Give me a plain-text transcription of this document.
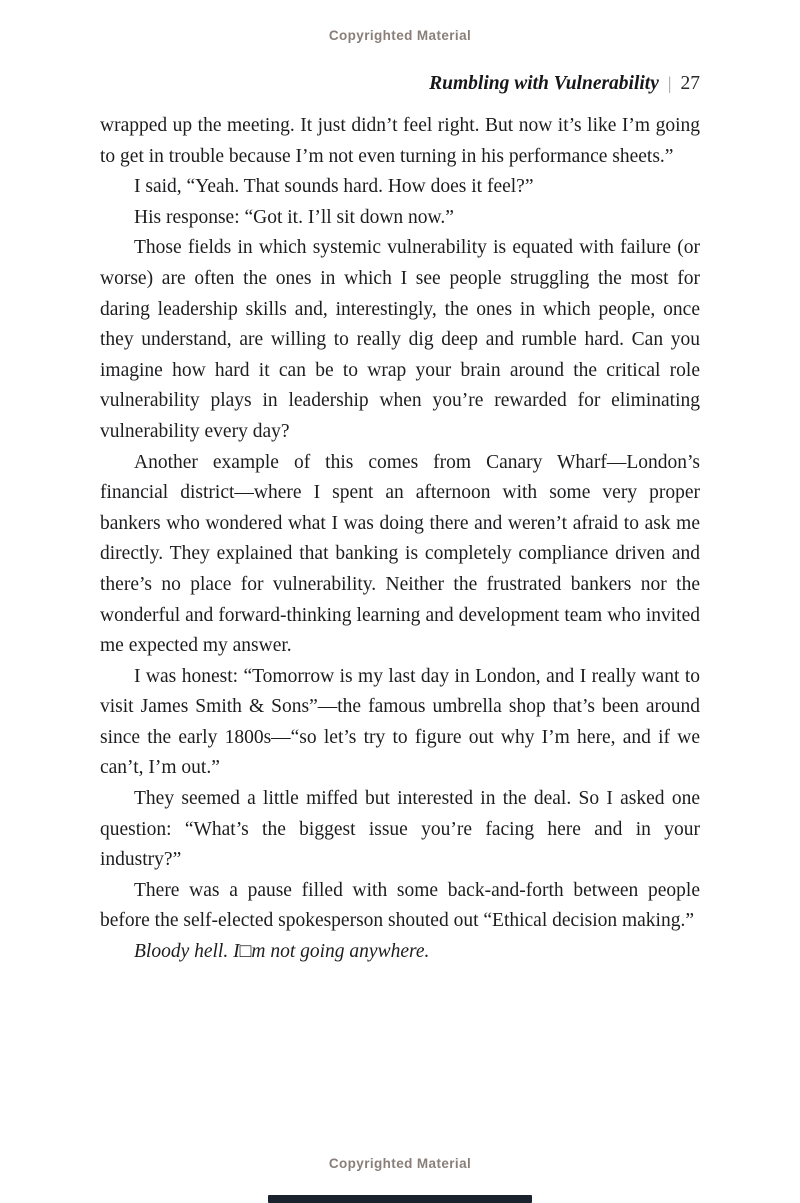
Copyrighted Material
Rumbling with Vulnerability | 27

wrapped up the meeting. It just didn’t feel right. But now it’s like I’m going to get in trouble because I’m not even turning in his performance sheets.”

I said, “Yeah. That sounds hard. How does it feel?”

His response: “Got it. I’ll sit down now.”

Those fields in which systemic vulnerability is equated with failure (or worse) are often the ones in which I see people struggling the most for daring leadership skills and, interestingly, the ones in which people, once they understand, are willing to really dig deep and rumble hard. Can you imagine how hard it can be to wrap your brain around the critical role vulnerability plays in leadership when you’re rewarded for eliminating vulnerability every day?

Another example of this comes from Canary Wharf—London’s financial district—where I spent an afternoon with some very proper bankers who wondered what I was doing there and weren’t afraid to ask me directly. They explained that banking is completely compliance driven and there’s no place for vulnerability. Neither the frustrated bankers nor the wonderful and forward-thinking learning and development team who invited me expected my answer.

I was honest: “Tomorrow is my last day in London, and I really want to visit James Smith & Sons”—the famous umbrella shop that’s been around since the early 1800s—“so let’s try to figure out why I’m here, and if we can’t, I’m out.”

They seemed a little miffed but interested in the deal. So I asked one question: “What’s the biggest issue you’re facing here and in your industry?”

There was a pause filled with some back-and-forth between people before the self-elected spokesperson shouted out “Ethical decision making.”

Bloody hell. I□m not going anywhere.

Copyrighted Material
